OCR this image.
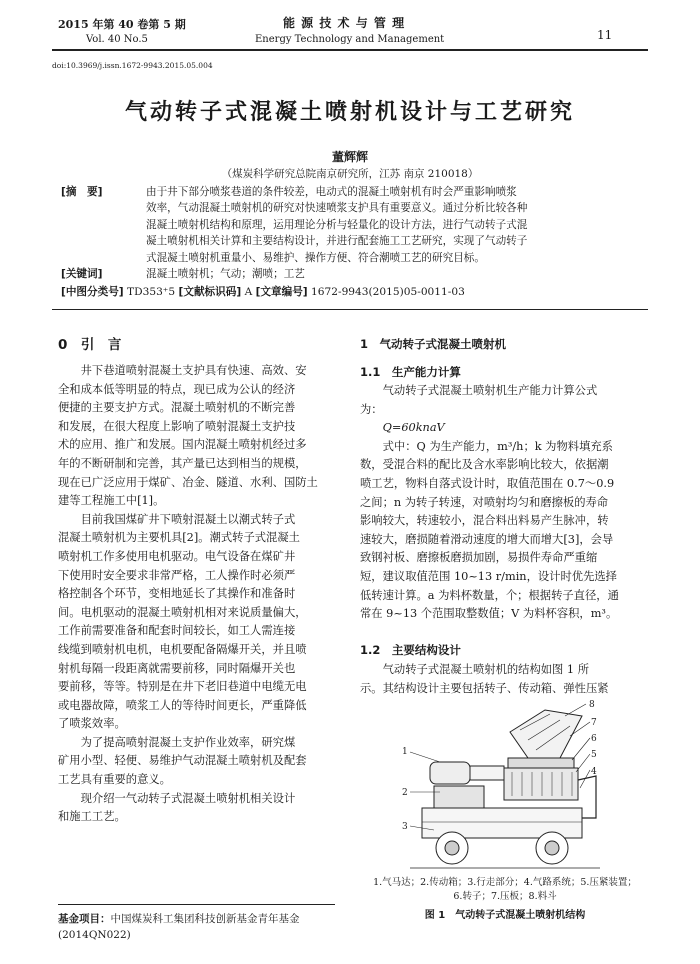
2015 年第 40 卷第 5 期
Vol. 40 No.5
能 源 技 术 与 管 理
Energy Technology and Management	11
doi:10.3969/j.issn.1672-9943.2015.05.004
气动转子式混凝土喷射机设计与工艺研究
董辉辉
（煤炭科学研究总院南京研究所，江苏 南京 210018）
[摘　要]	由于井下部分喷浆巷道的条件较差，电动式的混凝土喷射机有时会严重影响喷浆
效率，气动混凝土喷射机的研究对快速喷浆支护具有重要意义。通过分析比较各种
混凝土喷射机结构和原理，运用理论分析与轻量化的设计方法，进行气动转子式混
凝土喷射机相关计算和主要结构设计，并进行配套施工工艺研究，实现了气动转子
式混凝土喷射机重量小、易维护、操作方便、符合潮喷工艺的研究目标。
[关键词]	混凝土喷射机；气动；潮喷；工艺
[中图分类号] TD353⁺5 [文献标识码] A [文章编号] 1672-9943(2015)05-0011-03
0　引　言
井下巷道喷射混凝土支护具有快速、高效、安
全和成本低等明显的特点，现已成为公认的经济
便捷的主要支护方式。混凝土喷射机的不断完善
和发展，在很大程度上影响了喷射混凝土支护技
术的应用、推广和发展。国内混凝土喷射机经过多
年的不断研制和完善，其产量已达到相当的规模，
现在已广泛应用于煤矿、冶金、隧道、水利、国防土
建等工程施工中[1]。
目前我国煤矿井下喷射混凝土以潮式转子式
混凝土喷射机为主要机具[2]。潮式转子式混凝土
喷射机工作多使用电机驱动。电气设备在煤矿井
下使用时安全要求非常严格，工人操作时必须严
格控制各个环节，变相地延长了其操作和准备时
间。电机驱动的混凝土喷射机相对来说质量偏大，
工作前需要准备和配套时间较长，如工人需连接
线缆到喷射机电机，电机要配备隔爆开关，并且喷
射机每隔一段距离就需要前移，同时隔爆开关也
要前移，等等。特别是在井下老旧巷道中电缆无电
或电器故障，喷浆工人的等待时间更长，严重降低
了喷浆效率。
为了提高喷射混凝土支护作业效率，研究煤
矿用小型、轻便、易维护气动混凝土喷射机及配套
工艺具有重要的意义。
现介绍一气动转子式混凝土喷射机相关设计
和施工工艺。
基金项目：中国煤炭科工集团科技创新基金青年基金
(2014QN022)
1　气动转子式混凝土喷射机
1.1　生产能力计算
气动转子式混凝土喷射机生产能力计算公式
为：
Q=60knaV
式中：Q 为生产能力，m³/h；k 为物料填充系
数，受混合料的配比及含水率影响比较大，依据潮
喷工艺，物料自落式设计时，取值范围在 0.7～0.9
之间；n 为转子转速，对喷射均匀和磨擦板的寿命
影响较大，转速较小，混合料出料易产生脉冲，转
速较大，磨损随着滑动速度的增大而增大[3]，会导
致钢衬板、磨擦板磨损加剧，易损件寿命严重缩
短，建议取值范围 10~13 r/min，设计时优先选择
低转速计算。a 为料杯数量，个；根据转子直径，通
常在 9~13 个范围取整数值；V 为料杯容积，m³。
1.2　主要结构设计
气动转子式混凝土喷射机的结构如图 1 所
示。其结构设计主要包括转子、传动箱、弹性压紧
8
7
6
5
4
1
2
3
1.气马达；2.传动箱；3.行走部分；4.气路系统；5.压紧装置；
6.转子；7.压板；8.料斗
图 1　气动转子式混凝土喷射机结构
